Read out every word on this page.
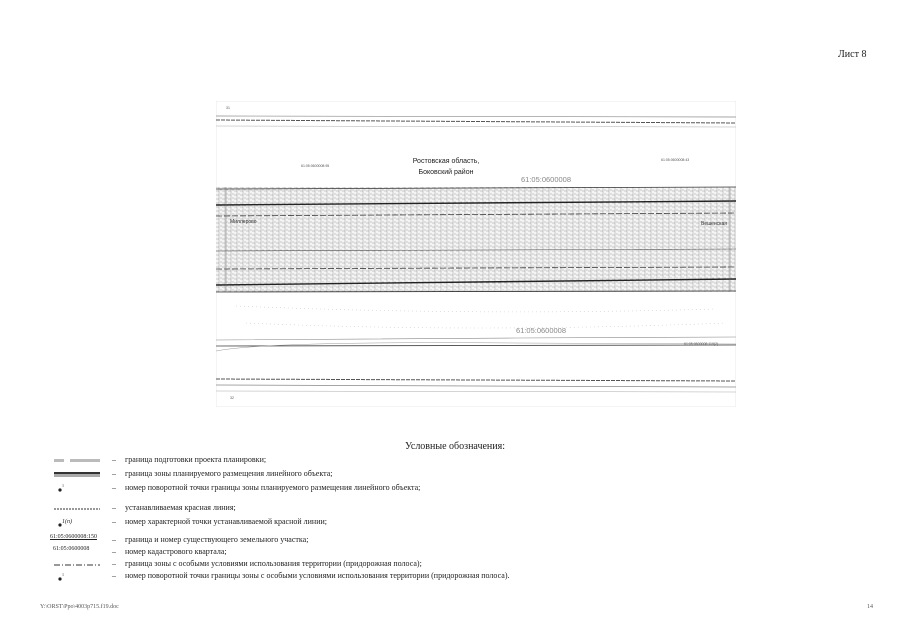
Лист 8
Ростовская область,
Боковский район
61:05:0600008
61:05:0600008
61:05:0600008:95
61:05:0600008:43
61:05:0600008:119(2)
Миллерово	Вешенская
31
32
Условные обозначения:
– граница подготовки проекта планировки;
– граница зоны планируемого размещения линейного объекта;
1	– номер поворотной точки границы зоны планируемого размещения линейного объекта;
– устанавливаемая красная линия;
1(п)	– номер характерной точки устанавливаемой красной линии;
61:05:0600008:150 – граница и номер существующего земельного участка;
61:05:0600008	– номер кадастрового квартала;
– граница зоны с особыми условиями использования территории (придорожная полоса);
1	– номер поворотной точки границы зоны с особыми условиями использования территории (придорожная полоса).
Y:\ORST\Ppo\4003p715.f19.doc	14
